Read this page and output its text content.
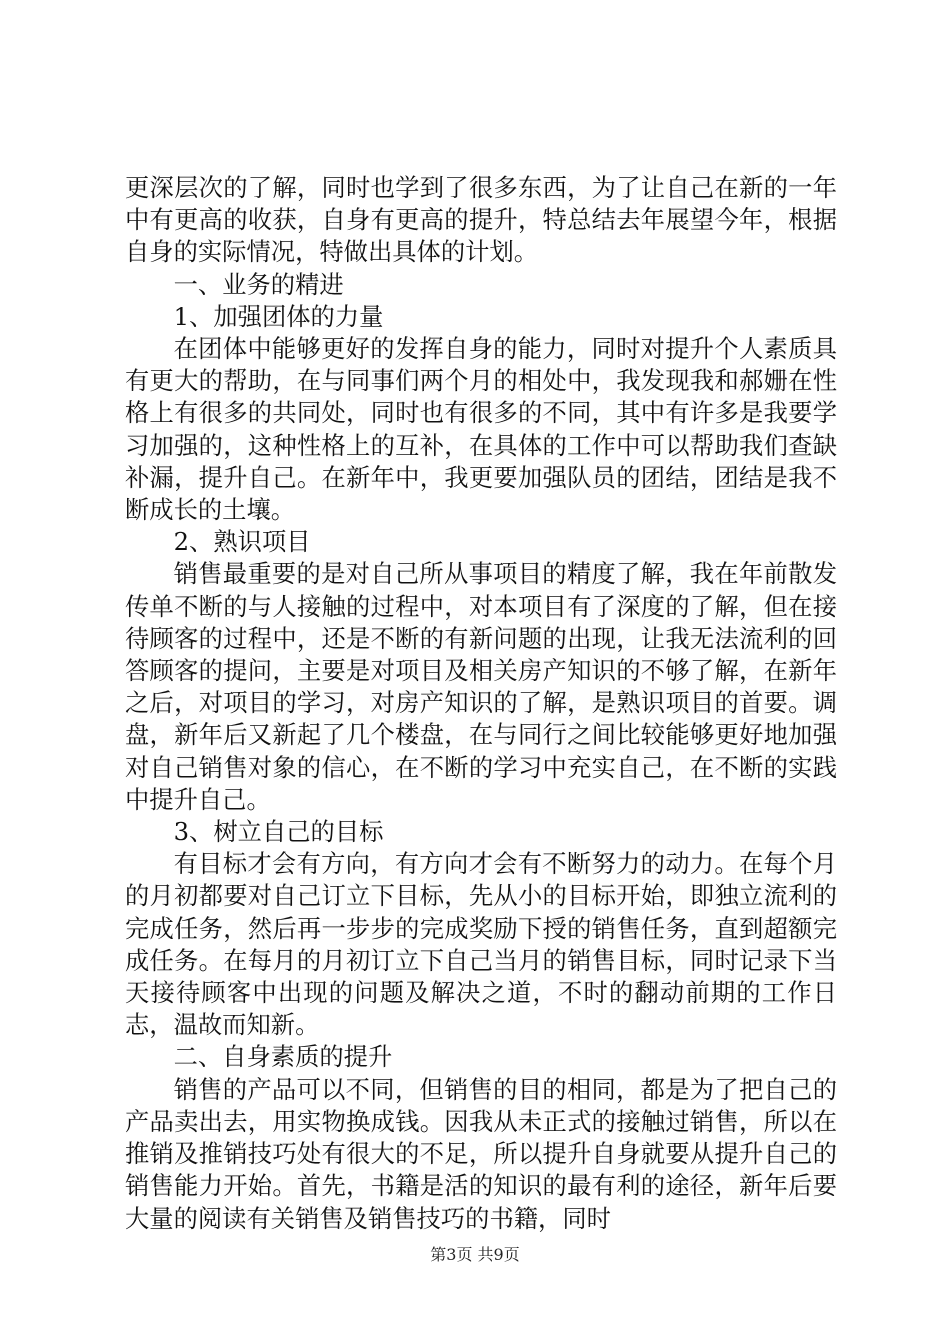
更深层次的了解，同时也学到了很多东西，为了让自己在新的一年中有更高的收获，自身有更高的提升，特总结去年展望今年，根据自身的实际情况，特做出具体的计划。

一、业务的精进

1、加强团体的力量

在团体中能够更好的发挥自身的能力，同时对提升个人素质具有更大的帮助，在与同事们两个月的相处中，我发现我和郝姗在性格上有很多的共同处，同时也有很多的不同，其中有许多是我要学习加强的，这种性格上的互补，在具体的工作中可以帮助我们查缺补漏，提升自己。在新年中，我更要加强队员的团结，团结是我不断成长的土壤。

2、熟识项目

销售最重要的是对自己所从事项目的精度了解，我在年前散发传单不断的与人接触的过程中，对本项目有了深度的了解，但在接待顾客的过程中，还是不断的有新问题的出现，让我无法流利的回答顾客的提问，主要是对项目及相关房产知识的不够了解，在新年之后，对项目的学习，对房产知识的了解，是熟识项目的首要。调盘，新年后又新起了几个楼盘，在与同行之间比较能够更好地加强对自己销售对象的信心，在不断的学习中充实自己，在不断的实践中提升自己。

3、树立自己的目标

有目标才会有方向，有方向才会有不断努力的动力。在每个月的月初都要对自己订立下目标，先从小的目标开始，即独立流利的完成任务，然后再一步步的完成奖励下授的销售任务，直到超额完成任务。在每月的月初订立下自己当月的销售目标，同时记录下当天接待顾客中出现的问题及解决之道，不时的翻动前期的工作日志，温故而知新。

二、自身素质的提升

销售的产品可以不同，但销售的目的相同，都是为了把自己的产品卖出去，用实物换成钱。因我从未正式的接触过销售，所以在推销及推销技巧处有很大的不足，所以提升自身就要从提升自己的销售能力开始。首先，书籍是活的知识的最有利的途径，新年后要大量的阅读有关销售及销售技巧的书籍，同时

第3页 共9页
